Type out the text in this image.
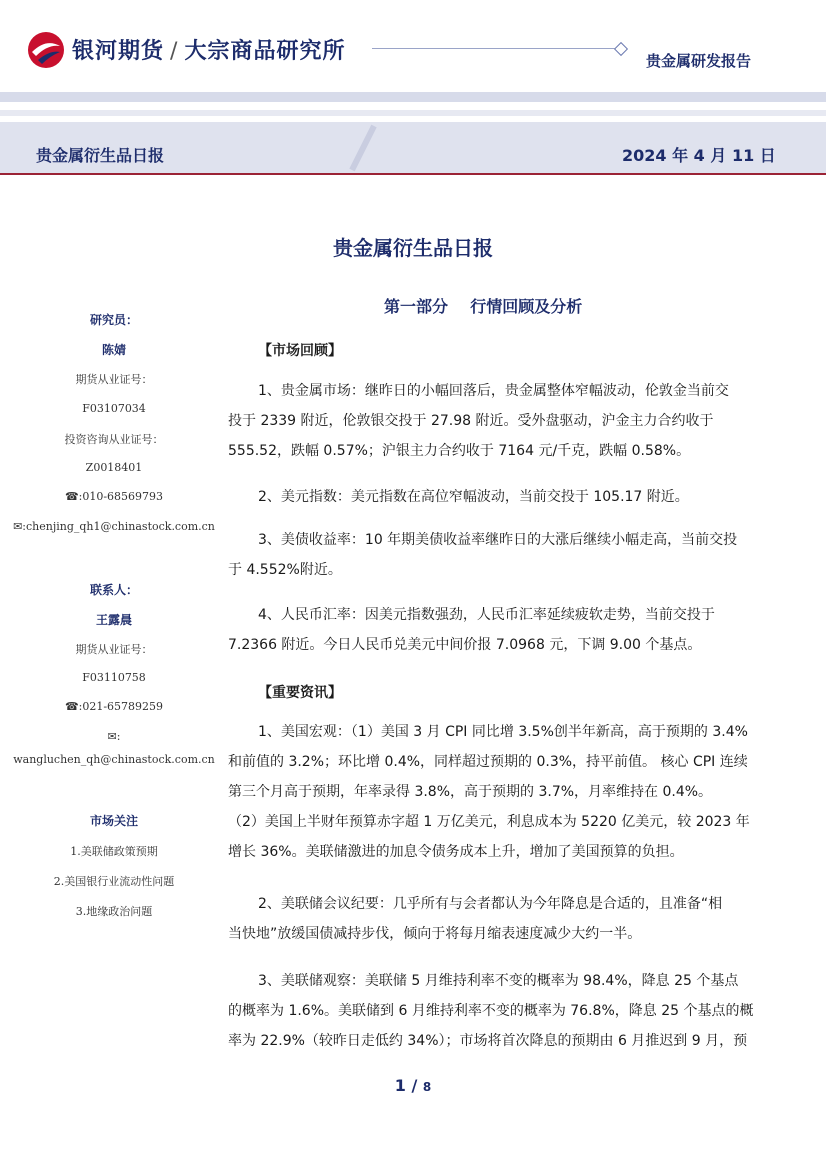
银河期货 / 大宗商品研究所	贵金属研发报告
贵金属衍生品日报	2024 年 4 月 11 日
贵金属衍生品日报
研究员：
陈婧
期货从业证号：
F03107034
投资咨询从业证号：
Z0018401
☎:010-68569793
✉:chenjing_qh1@chinastock.com.cn
联系人：
王露晨
期货从业证号：
F03110758
☎:021-65789259
✉:
wangluchen_qh@chinastock.com.cn
市场关注
1.美联储政策预期
2.美国银行业流动性问题
3.地缘政治问题
第一部分    行情回顾及分析
【市场回顾】
1、贵金属市场：继昨日的小幅回落后，贵金属整体窄幅波动，伦敦金当前交
投于 2339 附近，伦敦银交投于 27.98 附近。受外盘驱动，沪金主力合约收于
555.52，跌幅 0.57%；沪银主力合约收于 7164 元/千克，跌幅 0.58%。
2、美元指数：美元指数在高位窄幅波动，当前交投于 105.17 附近。
3、美债收益率：10 年期美债收益率继昨日的大涨后继续小幅走高，当前交投
于 4.552%附近。
4、人民币汇率：因美元指数强劲，人民币汇率延续疲软走势，当前交投于
7.2366 附近。今日人民币兑美元中间价报 7.0968 元，下调 9.00 个基点。
【重要资讯】
1、美国宏观：（1）美国 3 月 CPI 同比增 3.5%创半年新高，高于预期的 3.4%
和前值的 3.2%；环比增 0.4%，同样超过预期的 0.3%，持平前值。 核心 CPI 连续
第三个月高于预期，年率录得 3.8%，高于预期的 3.7%，月率维持在 0.4%。
（2）美国上半财年预算赤字超 1 万亿美元，利息成本为 5220 亿美元，较 2023 年
增长 36%。美联储激进的加息令债务成本上升，增加了美国预算的负担。
2、美联储会议纪要：几乎所有与会者都认为今年降息是合适的，且准备“相
当快地”放缓国债减持步伐，倾向于将每月缩表速度减少大约一半。
3、美联储观察：美联储 5 月维持利率不变的概率为 98.4%，降息 25 个基点
的概率为 1.6%。美联储到 6 月维持利率不变的概率为 76.8%，降息 25 个基点的概
率为 22.9%（较昨日走低约 34%）；市场将首次降息的预期由 6 月推迟到 9 月，预
1 / 8
